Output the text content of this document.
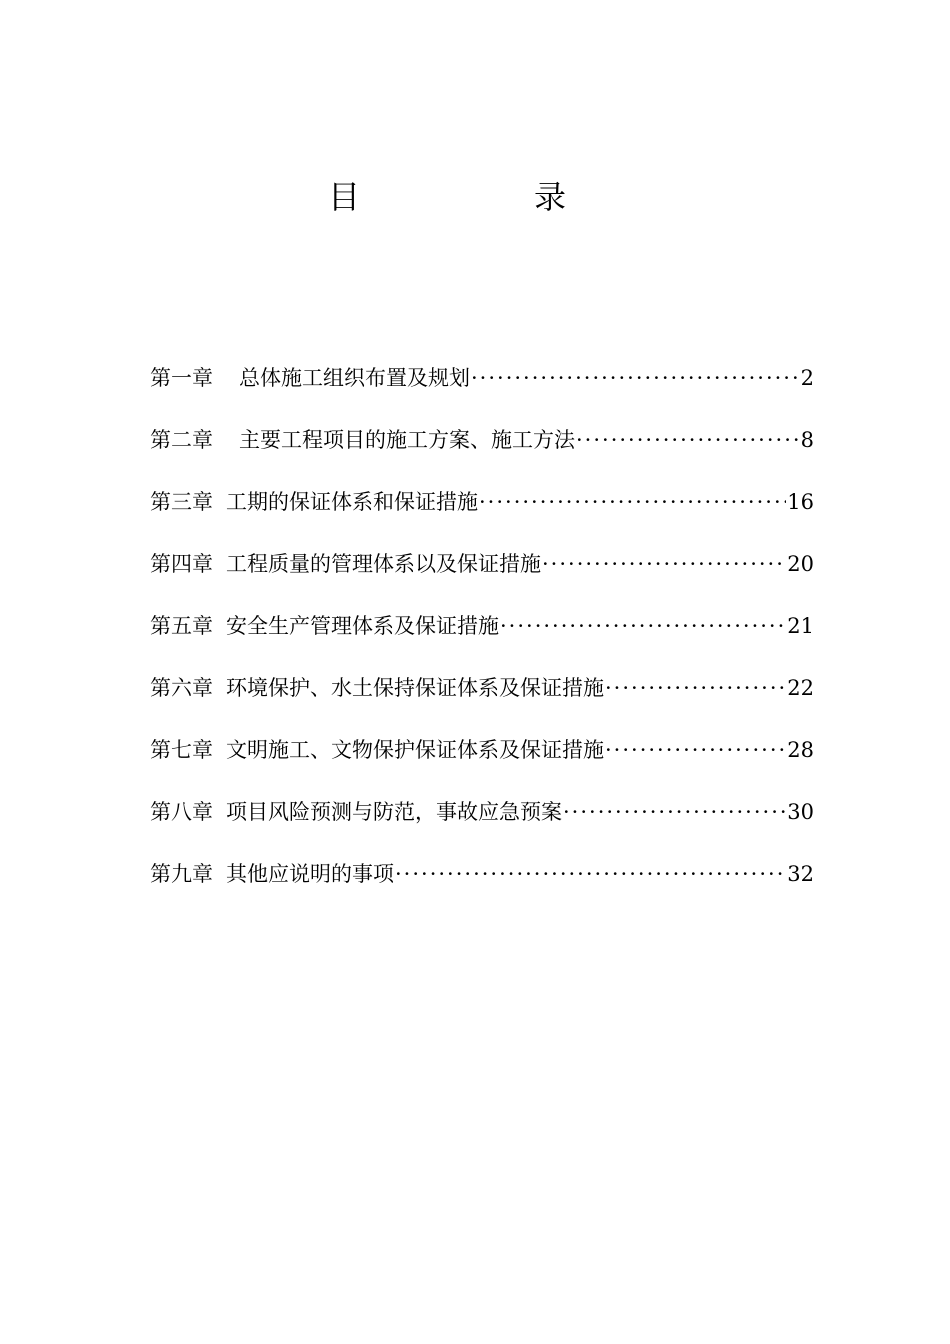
目	录
第一章 总体施工组织布置及规划 ·····	2
第二章 主要工程项目的施工方案、施工方法 ·····	8
第三章 工期的保证体系和保证措施 ·····	16
第四章 工程质量的管理体系以及保证措施 ·····	20
第五章 安全生产管理体系及保证措施 ·····	21
第六章 环境保护、水土保持保证体系及保证措施 ·····	22
第七章 文明施工、文物保护保证体系及保证措施 ·····	28
第八章 项目风险预测与防范，事故应急预案 ·····	30
第九章 其他应说明的事项 ·····	32
